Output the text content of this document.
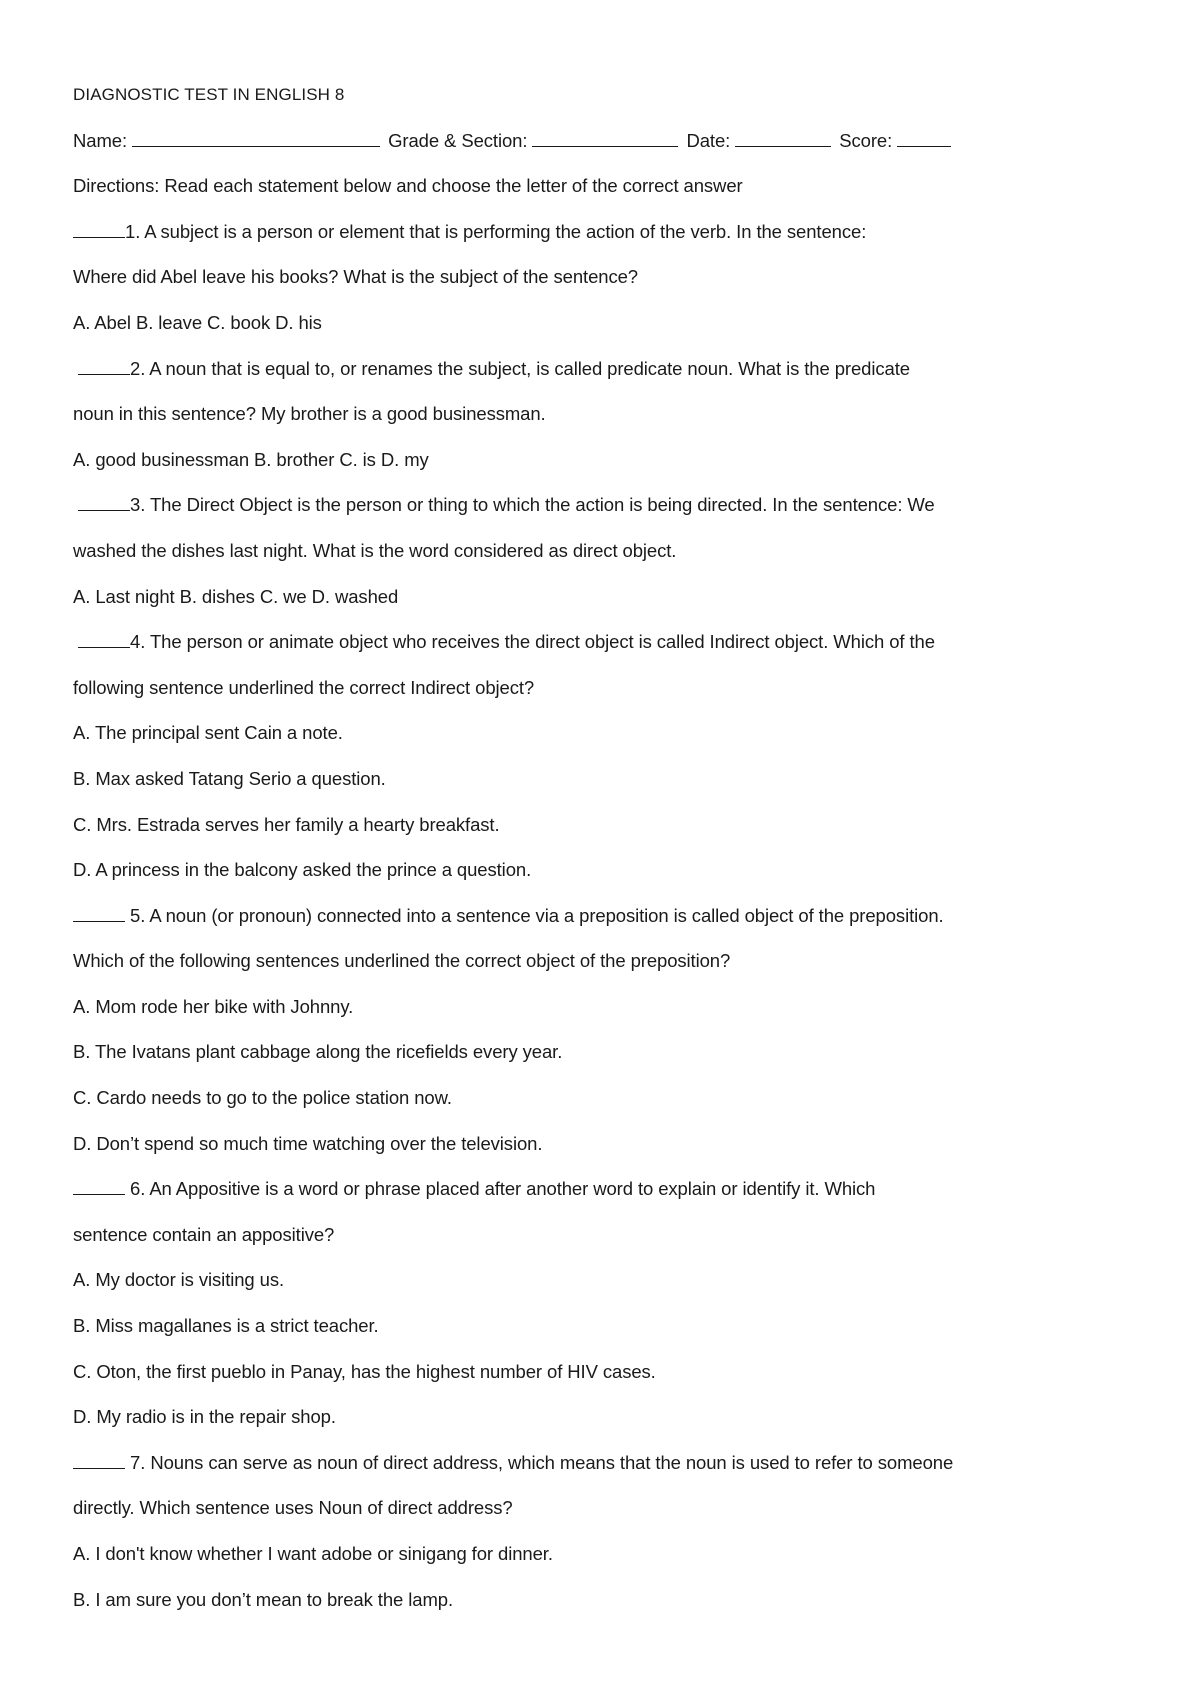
DIAGNOSTIC TEST IN ENGLISH 8
Name:	Grade & Section:	Date:	Score:
Directions: Read each statement below and choose the letter of the correct answer
1. A subject is a person or element that is performing the action of the verb. In the sentence:
Where did Abel leave his books? What is the subject of the sentence?
A. Abel B. leave C. book D. his
2. A noun that is equal to, or renames the subject, is called predicate noun. What is the predicate
noun in this sentence? My brother is a good businessman.
A. good businessman B. brother C. is D. my
3. The Direct Object is the person or thing to which the action is being directed. In the sentence: We
washed the dishes last night. What is the word considered as direct object.
A. Last night B. dishes C. we D. washed
4. The person or animate object who receives the direct object is called Indirect object. Which of the
following sentence underlined the correct Indirect object?
A. The principal sent Cain a note.
B. Max asked Tatang Serio a question.
C. Mrs. Estrada serves her family a hearty breakfast.
D. A princess in the balcony asked the prince a question.
5. A noun (or pronoun) connected into a sentence via a preposition is called object of the preposition.
Which of the following sentences underlined the correct object of the preposition?
A. Mom rode her bike with Johnny.
B. The Ivatans plant cabbage along the ricefields every year.
C. Cardo needs to go to the police station now.
D. Don’t spend so much time watching over the television.
6. An Appositive is a word or phrase placed after another word to explain or identify it. Which
sentence contain an appositive?
A. My doctor is visiting us.
B. Miss magallanes is a strict teacher.
C. Oton, the first pueblo in Panay, has the highest number of HIV cases.
D. My radio is in the repair shop.
7. Nouns can serve as noun of direct address, which means that the noun is used to refer to someone
directly. Which sentence uses Noun of direct address?
A. I don't know whether I want adobe or sinigang for dinner.
B. I am sure you don’t mean to break the lamp.
